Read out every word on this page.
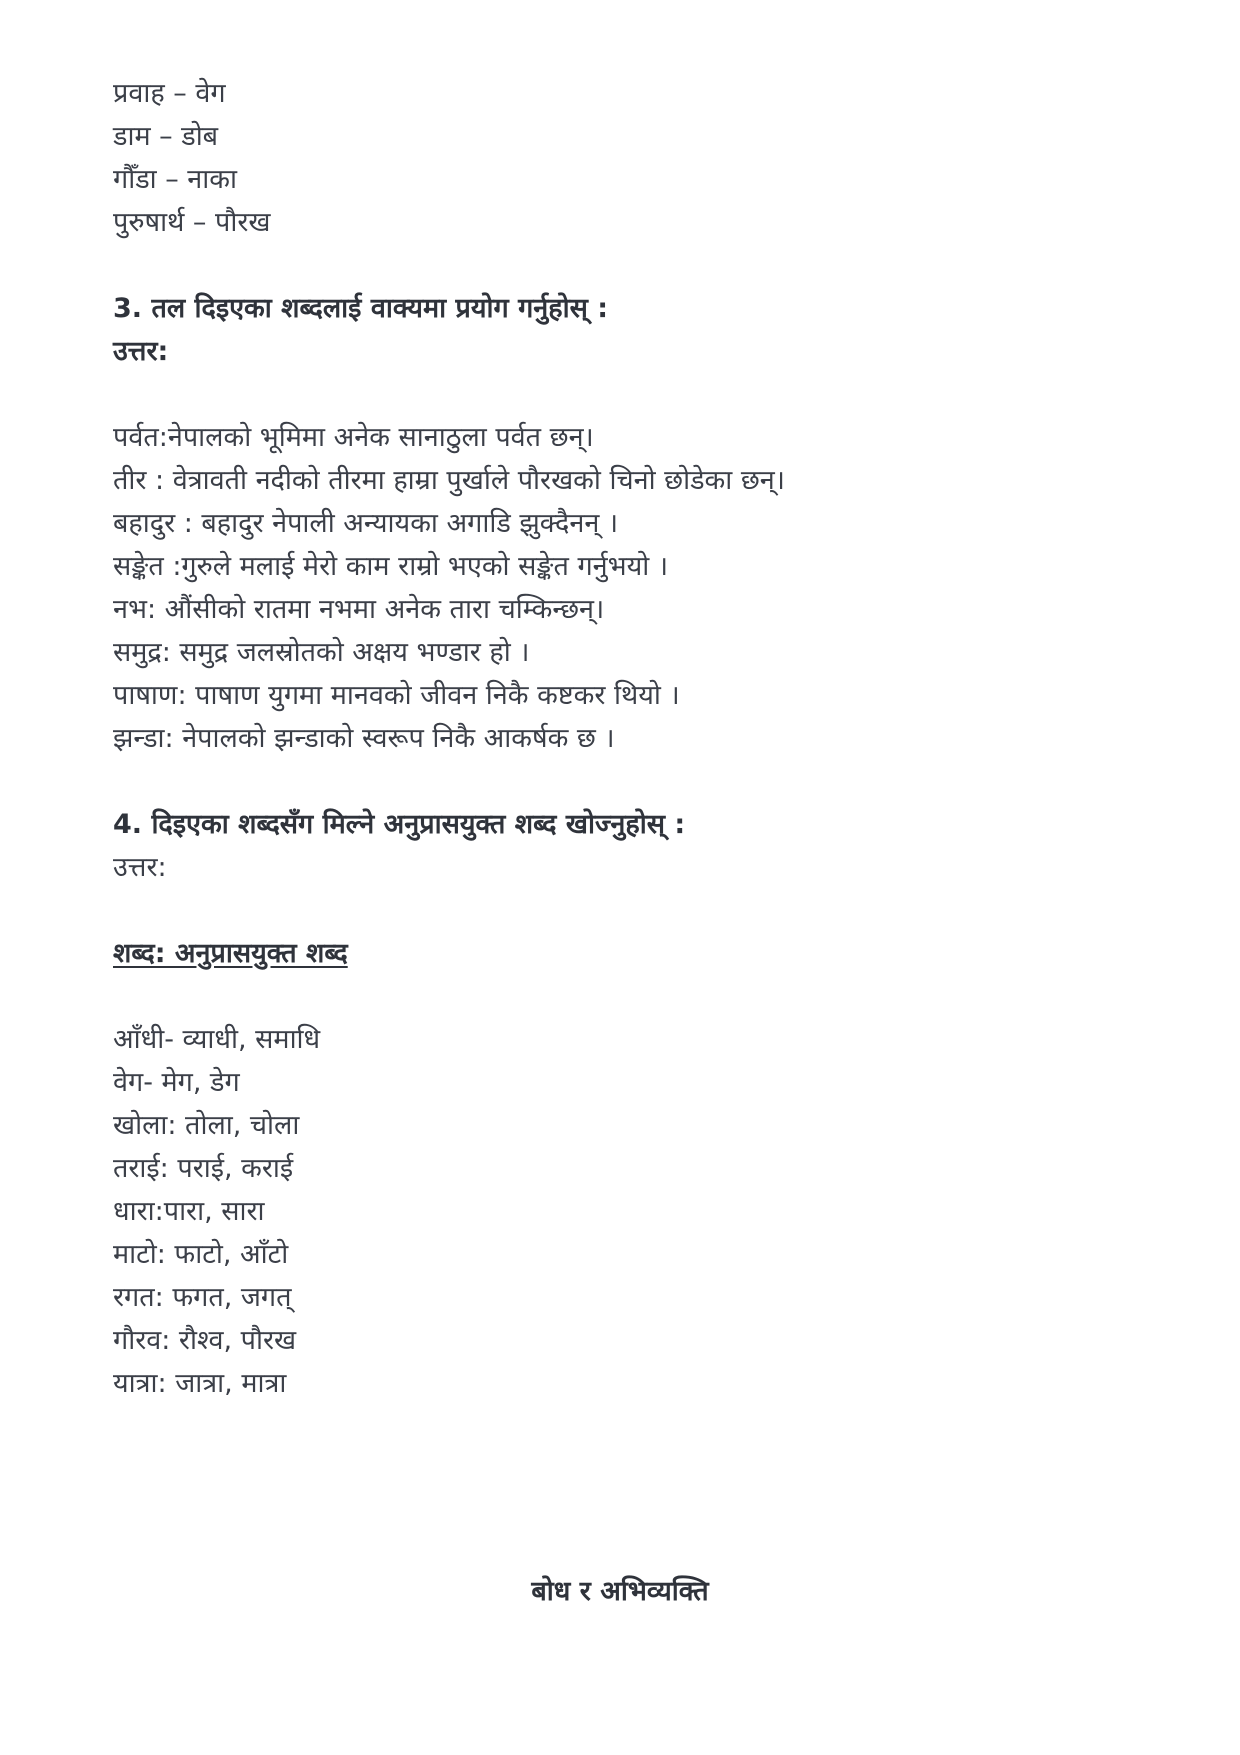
प्रवाह – वेग

डाम – डोब

गौँडा – नाका

पुरुषार्थ – पौरख

3. तल दिइएका शब्दलाई वाक्यमा प्रयोग गर्नुहोस् :

उत्तर:

पर्वत:नेपालको भूमिमा अनेक सानाठुला पर्वत छन्।

तीर : वेत्रावती नदीको तीरमा हाम्रा पुर्खाले पौरखको चिनो छोडेका छन्।

बहादुर : बहादुर नेपाली अन्यायका अगाडि झुक्दैनन् ।

सङ्केत :गुरुले मलाई मेरो काम राम्रो भएको सङ्केत गर्नुभयो ।

नभ: औंसीको रातमा नभमा अनेक तारा चम्किन्छन्।

समुद्र: समुद्र जलस्रोतको अक्षय भण्डार हो ।

पाषाण: पाषाण युगमा मानवको जीवन निकै कष्टकर थियो ।

झन्डा: नेपालको झन्डाको स्वरूप निकै आकर्षक छ ।

4. दिइएका शब्दसँग मिल्ने अनुप्रासयुक्त शब्द खोज्नुहोस् :

उत्तर:

शब्द: अनुप्रासयुक्त शब्द

आँधी- व्याधी, समाधि

वेग- मेग, डेग

खोला: तोला, चोला

तराई: पराई, कराई

धारा:पारा, सारा

माटो: फाटो, आँटो

रगत: फगत, जगत्

गौरव: रौश्व, पौरख

यात्रा: जात्रा, मात्रा

बोध र अभिव्यक्ति
